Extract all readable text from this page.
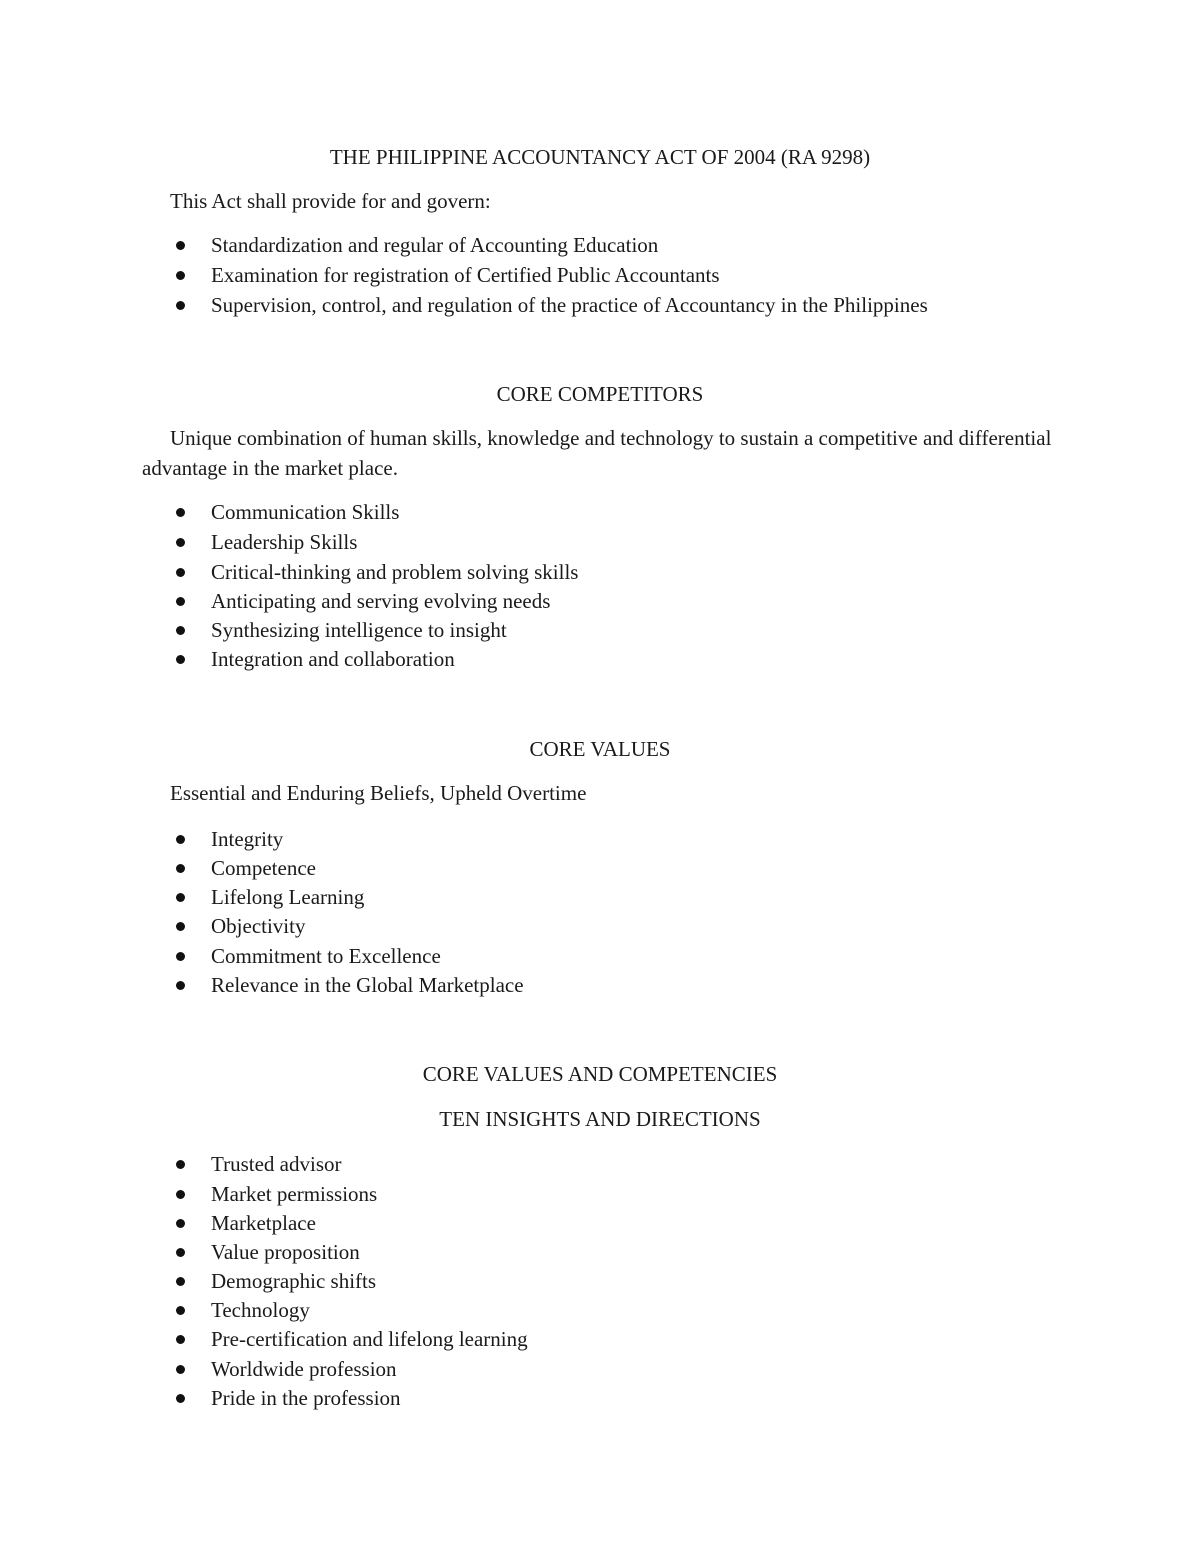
THE PHILIPPINE ACCOUNTANCY ACT OF 2004 (RA 9298)
This Act shall provide for and govern:
Standardization and regular of Accounting Education
Examination for registration of Certified Public Accountants
Supervision, control, and regulation of the practice of Accountancy in the Philippines
CORE COMPETITORS
Unique combination of human skills, knowledge and technology to sustain a competitive and differential advantage in the market place.
Communication Skills
Leadership Skills
Critical-thinking and problem solving skills
Anticipating and serving evolving needs
Synthesizing intelligence to insight
Integration and collaboration
CORE VALUES
Essential and Enduring Beliefs, Upheld Overtime
Integrity
Competence
Lifelong Learning
Objectivity
Commitment to Excellence
Relevance in the Global Marketplace
CORE VALUES AND COMPETENCIES
TEN INSIGHTS AND DIRECTIONS
Trusted advisor
Market permissions
Marketplace
Value proposition
Demographic shifts
Technology
Pre-certification and lifelong learning
Worldwide profession
Pride in the profession
